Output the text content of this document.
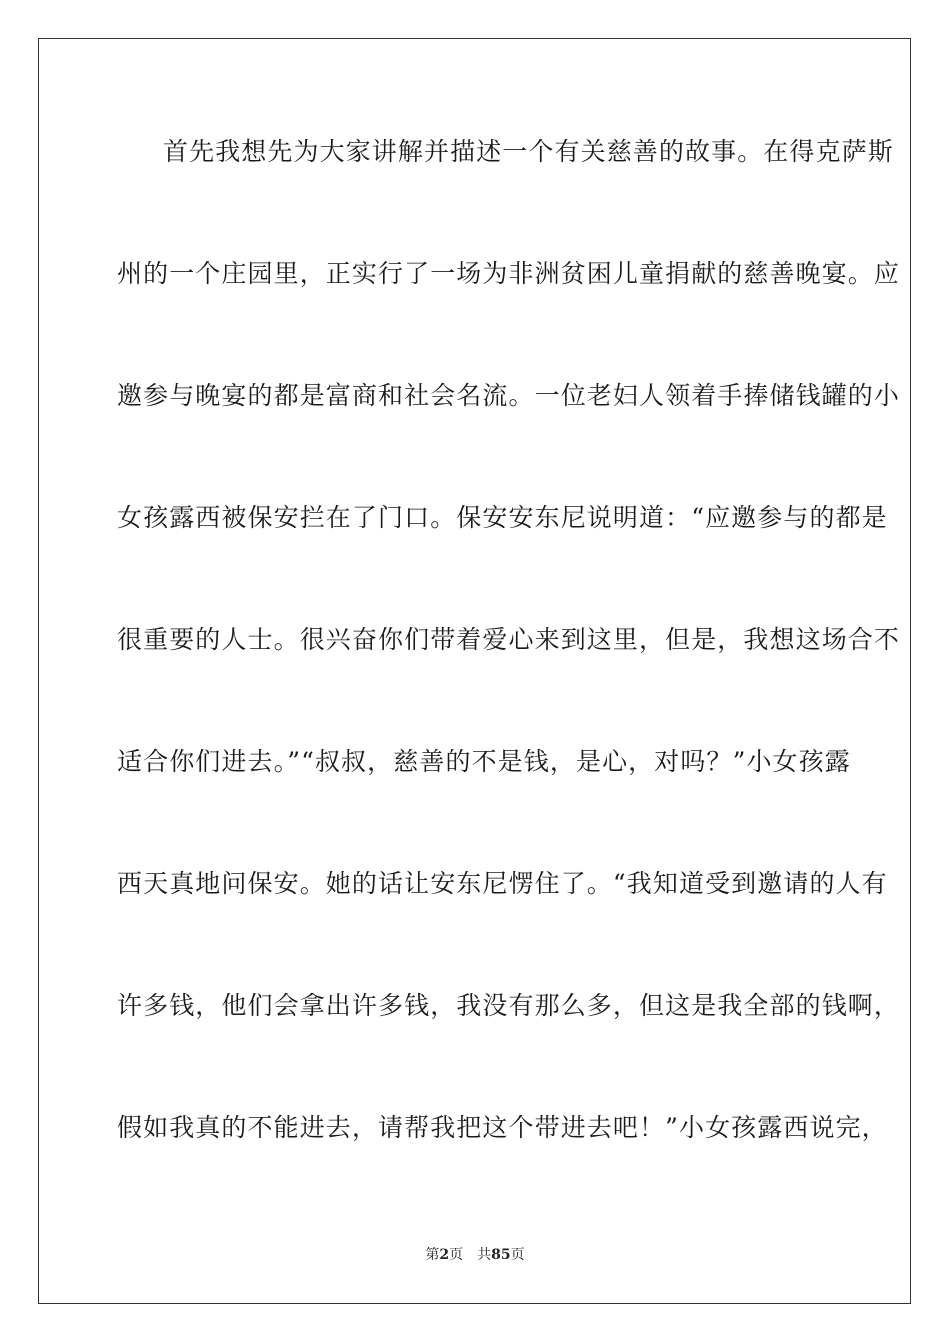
首先我想先为大家讲解并描述一个有关慈善的故事。在得克萨斯
州的一个庄园里，正实行了一场为非洲贫困儿童捐献的慈善晚宴。应
邀参与晚宴的都是富商和社会名流。一位老妇人领着手捧储钱罐的小
女孩露西被保安拦在了门口。保安安东尼说明道：“应邀参与的都是
很重要的人士。很兴奋你们带着爱心来到这里，但是，我想这场合不
适合你们进去。”“叔叔，慈善的不是钱，是心，对吗？”小女孩露
西天真地问保安。她的话让安东尼愣住了。“我知道受到邀请的人有
许多钱，他们会拿出许多钱，我没有那么多，但这是我全部的钱啊，
假如我真的不能进去，请帮我把这个带进去吧！”小女孩露西说完，
第2页 共85页
